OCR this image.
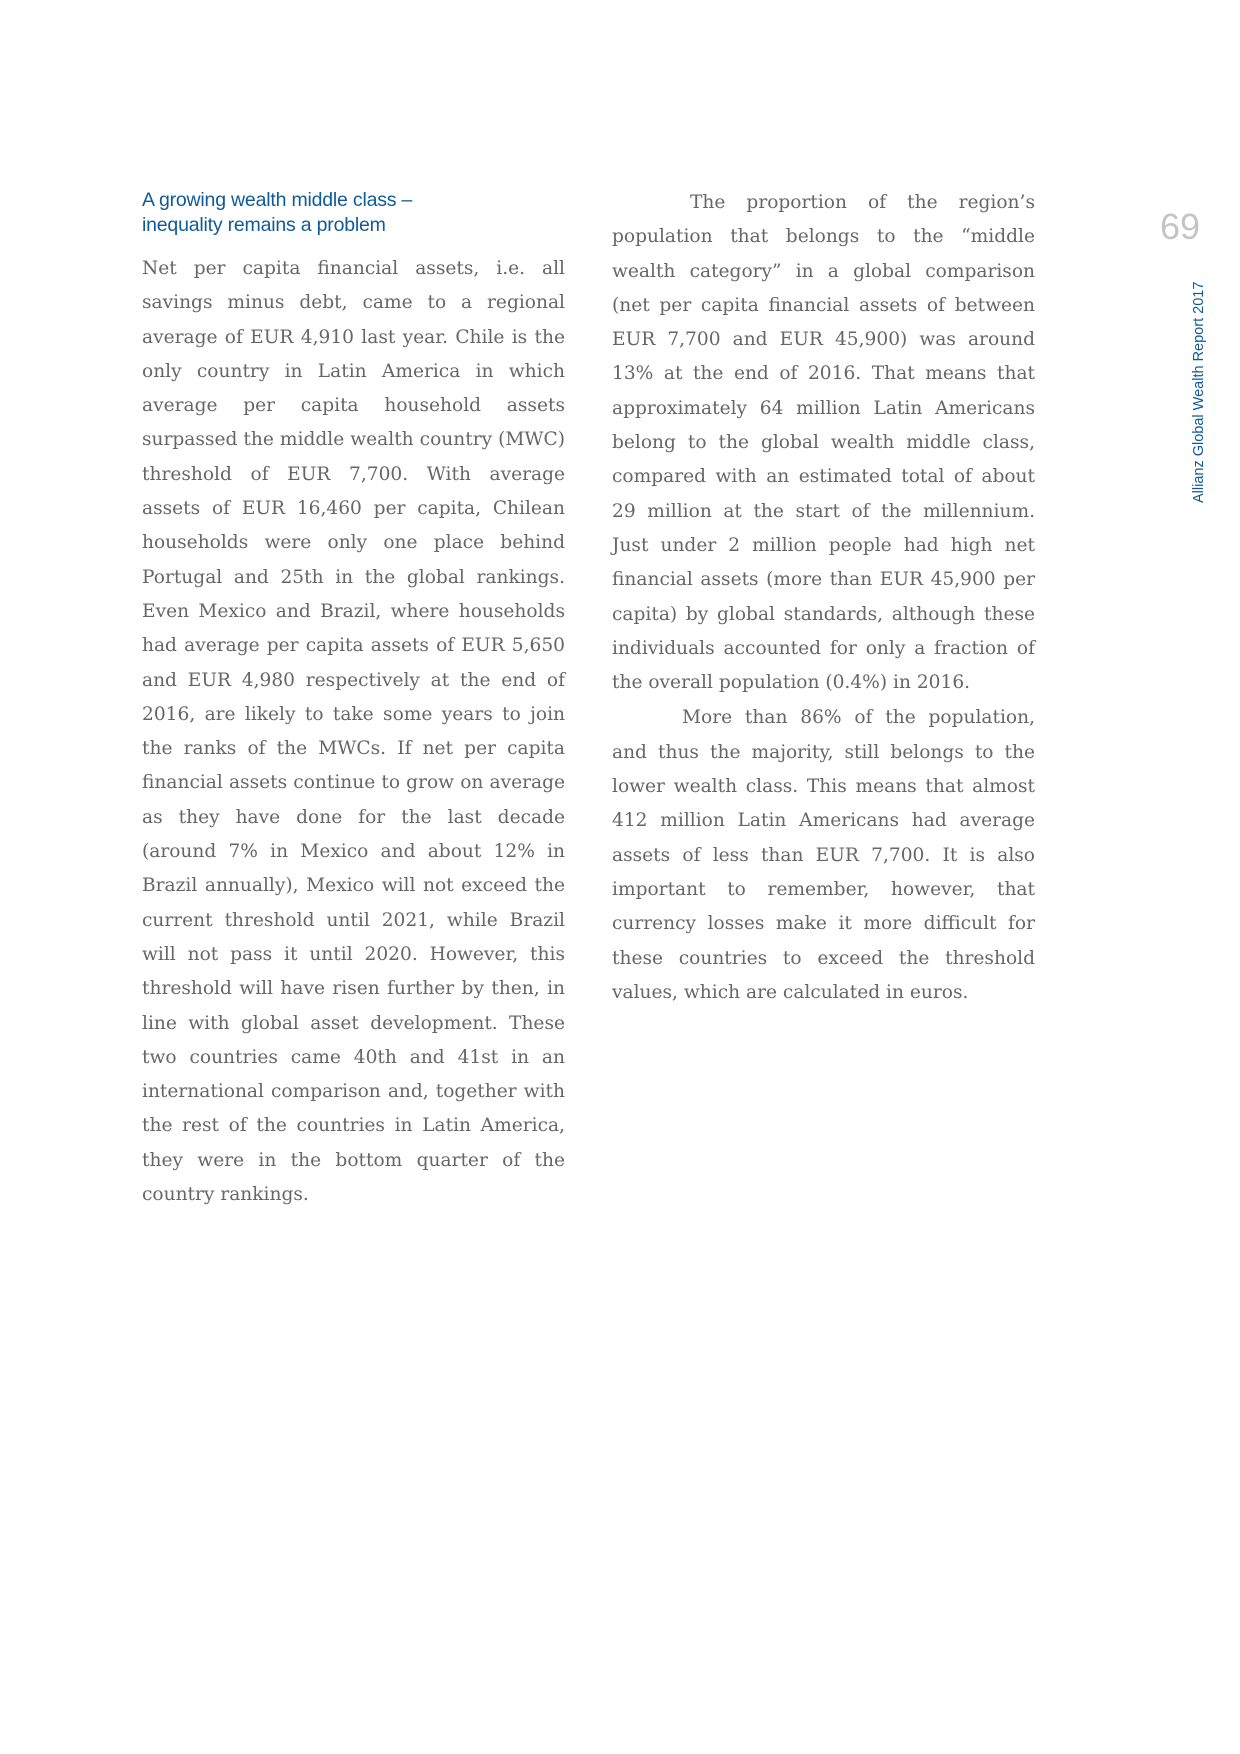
A growing wealth middle class –
inequality remains a problem

Net per capita financial assets, i.e. all savings minus debt, came to a regional average of EUR 4,910 last year. Chile is the only country in Latin America in which average per capita household assets surpassed the middle wealth country (MWC) threshold of EUR 7,700. With average assets of EUR 16,460 per capita, Chilean households were only one place behind Portugal and 25th in the global rankings. Even Mexico and Brazil, where households had average per capita assets of EUR 5,650 and EUR 4,980 respectively at the end of 2016, are likely to take some years to join the ranks of the MWCs. If net per capita financial assets continue to grow on average as they have done for the last decade (around 7% in Mexico and about 12% in Brazil annually), Mexico will not exceed the current threshold until 2021, while Brazil will not pass it until 2020. However, this threshold will have risen further by then, in line with global asset development. These two countries came 40th and 41st in an international comparison and, together with the rest of the countries in Latin America, they were in the bottom quarter of the country rankings.

The proportion of the region’s population that belongs to the “middle wealth category” in a global comparison (net per capita financial assets of between EUR 7,700 and EUR 45,900) was around 13% at the end of 2016. That means that approximately 64 million Latin Americans belong to the global wealth middle class, compared with an estimated total of about 29 million at the start of the millennium. Just under 2 million people had high net financial assets (more than EUR 45,900 per capita) by global standards, although these individuals accounted for only a fraction of the overall population (0.4%) in 2016.

More than 86% of the population, and thus the majority, still belongs to the lower wealth class. This means that almost 412 million Latin Americans had average assets of less than EUR 7,700. It is also important to remember, however, that currency losses make it more difficult for these countries to exceed the threshold values, which are calculated in euros.

69
Allianz Global Wealth Report 2017
